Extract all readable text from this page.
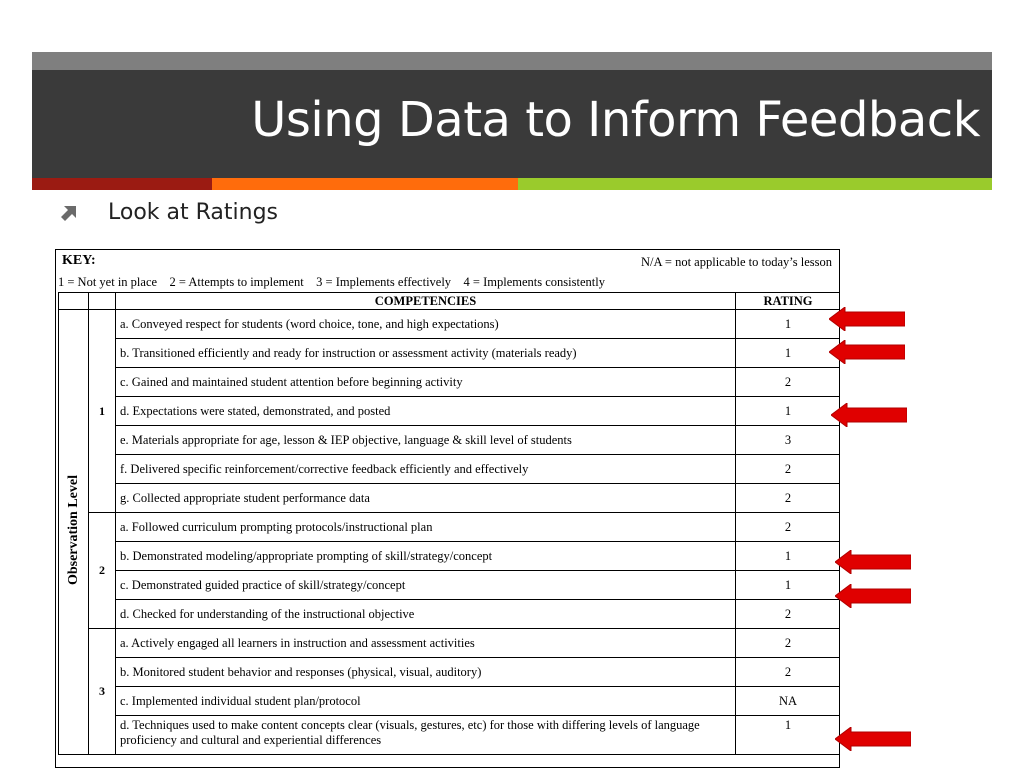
Using Data to Inform Feedback
Look at Ratings
KEY:	N/A = not applicable to today’s lesson
1 = Not yet in place    2 = Attempts to implement    3 = Implements effectively    4 = Implements consistently
		COMPETENCIES	RATING
Observation Level	1	a. Conveyed respect for students (word choice, tone, and high expectations)	1
		b. Transitioned efficiently and ready for instruction or assessment activity (materials ready)	1
		c. Gained and maintained student attention before beginning activity	2
		d. Expectations were stated, demonstrated, and posted	1
		e. Materials appropriate for age, lesson & IEP objective, language & skill level of students	3
		f. Delivered specific reinforcement/corrective feedback efficiently and effectively	2
		g. Collected appropriate student performance data	2
	2	a. Followed curriculum prompting protocols/instructional plan	2
		b. Demonstrated modeling/appropriate prompting of skill/strategy/concept	1
		c. Demonstrated guided practice of skill/strategy/concept	1
		d. Checked for understanding of the instructional objective	2
	3	a. Actively engaged all learners in instruction and assessment activities	2
		b. Monitored student behavior and responses (physical, visual, auditory)	2
		c. Implemented individual student plan/protocol	NA
		d. Techniques used to make content concepts clear (visuals, gestures, etc) for those with differing levels of language proficiency and cultural and experiential differences	1
